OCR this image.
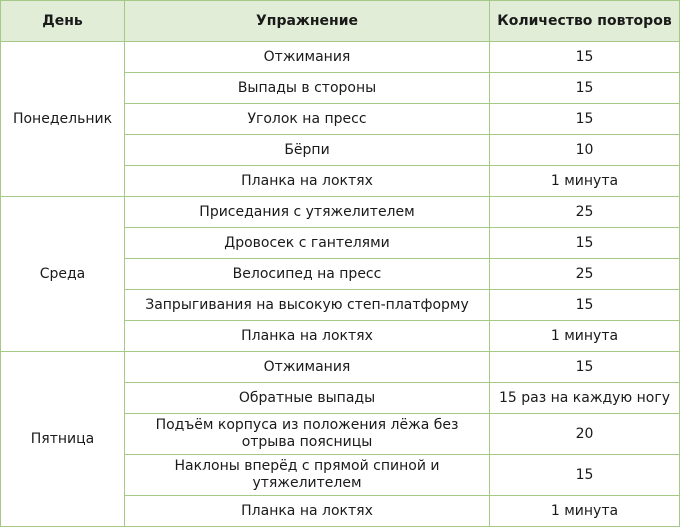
День	Упражнение	Количество повторов
Понедельник	Отжимания	15
	Выпады в стороны	15
	Уголок на пресс	15
	Бёрпи	10
	Планка на локтях	1 минута
Среда	Приседания с утяжелителем	25
	Дровосек с гантелями	15
	Велосипед на пресс	25
	Запрыгивания на высокую степ-платформу	15
	Планка на локтях	1 минута
Пятница	Отжимания	15
	Обратные выпады	15 раз на каждую ногу
	Подъём корпуса из положения лёжа без отрыва поясницы	20
	Наклоны вперёд с прямой спиной и утяжелителем	15
	Планка на локтях	1 минута
